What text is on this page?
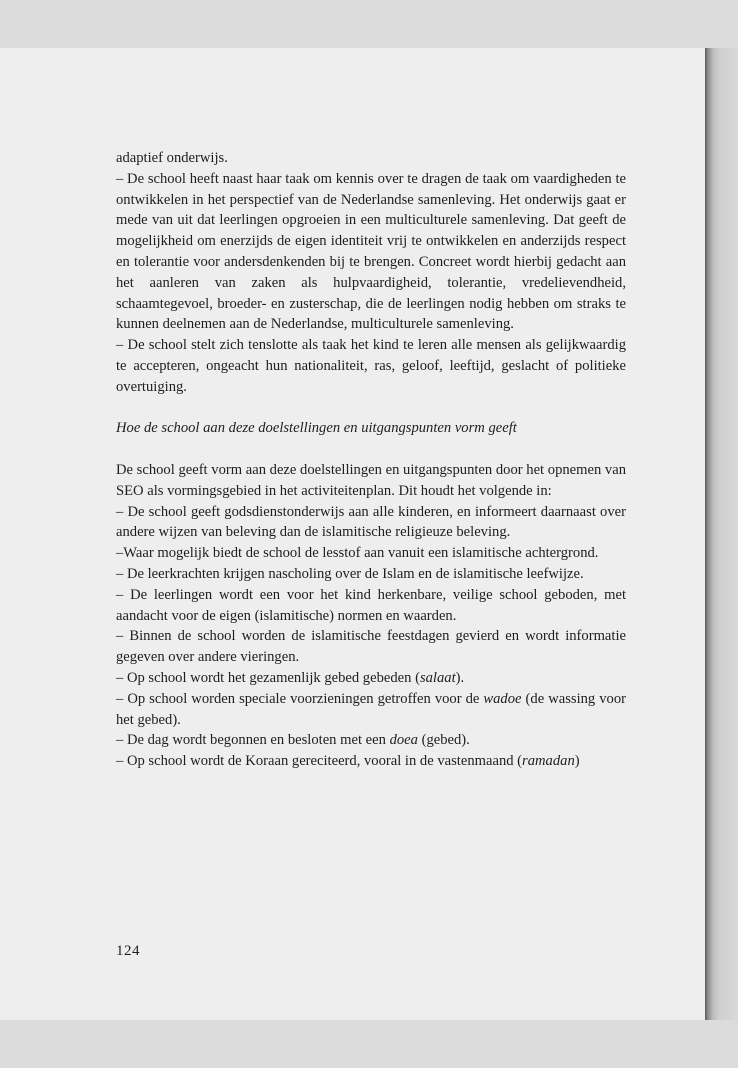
adaptief onderwijs.

– De school heeft naast haar taak om kennis over te dragen de taak om vaardigheden te ontwikkelen in het perspectief van de Nederlandse samenleving. Het onderwijs gaat er mede van uit dat leerlingen opgroeien in een multiculturele samenleving. Dat geeft de mogelijkheid om enerzijds de eigen identiteit vrij te ontwikkelen en anderzijds respect en tolerantie voor andersdenkenden bij te brengen. Concreet wordt hierbij gedacht aan het aanleren van zaken als hulpvaardigheid, tolerantie, vredelievendheid, schaamtegevoel, broeder- en zusterschap, die de leerlingen nodig hebben om straks te kunnen deelnemen aan de Nederlandse, multiculturele samenleving.

– De school stelt zich tenslotte als taak het kind te leren alle mensen als gelijkwaardig te accepteren, ongeacht hun nationaliteit, ras, geloof, leeftijd, geslacht of politieke overtuiging.

Hoe de school aan deze doelstellingen en uitgangspunten vorm geeft

De school geeft vorm aan deze doelstellingen en uitgangspunten door het opnemen van SEO als vormingsgebied in het activiteitenplan. Dit houdt het volgende in:

– De school geeft godsdienstonderwijs aan alle kinderen, en informeert daarnaast over andere wijzen van beleving dan de islamitische religieuze beleving.

–Waar mogelijk biedt de school de lesstof aan vanuit een islamitische achtergrond.

– De leerkrachten krijgen nascholing over de Islam en de islamitische leefwijze.

– De leerlingen wordt een voor het kind herkenbare, veilige school geboden, met aandacht voor de eigen (islamitische) normen en waarden.

– Binnen de school worden de islamitische feestdagen gevierd en wordt informatie gegeven over andere vieringen.

– Op school wordt het gezamenlijk gebed gebeden (salaat).

– Op school worden speciale voorzieningen getroffen voor de wadoe (de wassing voor het gebed).

– De dag wordt begonnen en besloten met een doea (gebed).

– Op school wordt de Koraan gereciteerd, vooral in de vastenmaand (ramadan)

124
